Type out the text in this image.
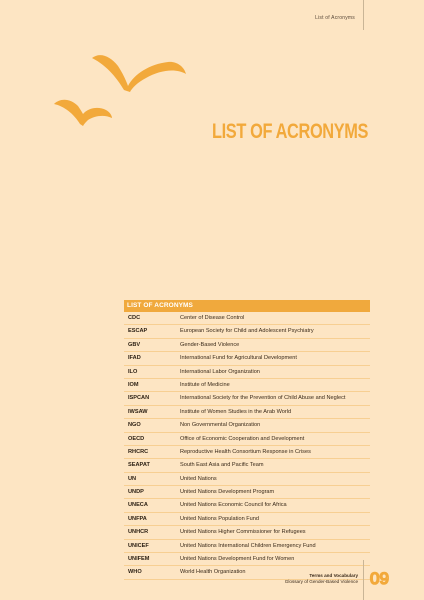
List of Acronyms
LIST OF ACRONYMS
LIST OF ACRONYMS
CDC	Center of Disease Control
ESCAP	European Society for Child and Adolescent Psychiatry
GBV	Gender-Based Violence
IFAD	International Fund for Agricultural Development
ILO	International Labor Organization
IOM	Institute of Medicine
ISPCAN	International Society for the Prevention of Child Abuse and Neglect
IWSAW	Institute of Women Studies in the Arab World
NGO	Non Governmental Organization
OECD	Office of Economic Cooperation and Development
RHCRC	Reproductive Health Consortium Response in Crises
SEAPAT	South East Asia and Pacific Team
UN	United Nations
UNDP	United Nations Development Program
UNECA	United Nations Economic Council for Africa
UNFPA	United Nations Population Fund
UNHCR	United Nations Higher Commissioner for Refugees
UNICEF	United Nations International Children Emergency Fund
UNIFEM	United Nations Development Fund for Women
WHO	World Health Organization
Terms and Vocabulary
Glossary of Gender-Based Violence 09
